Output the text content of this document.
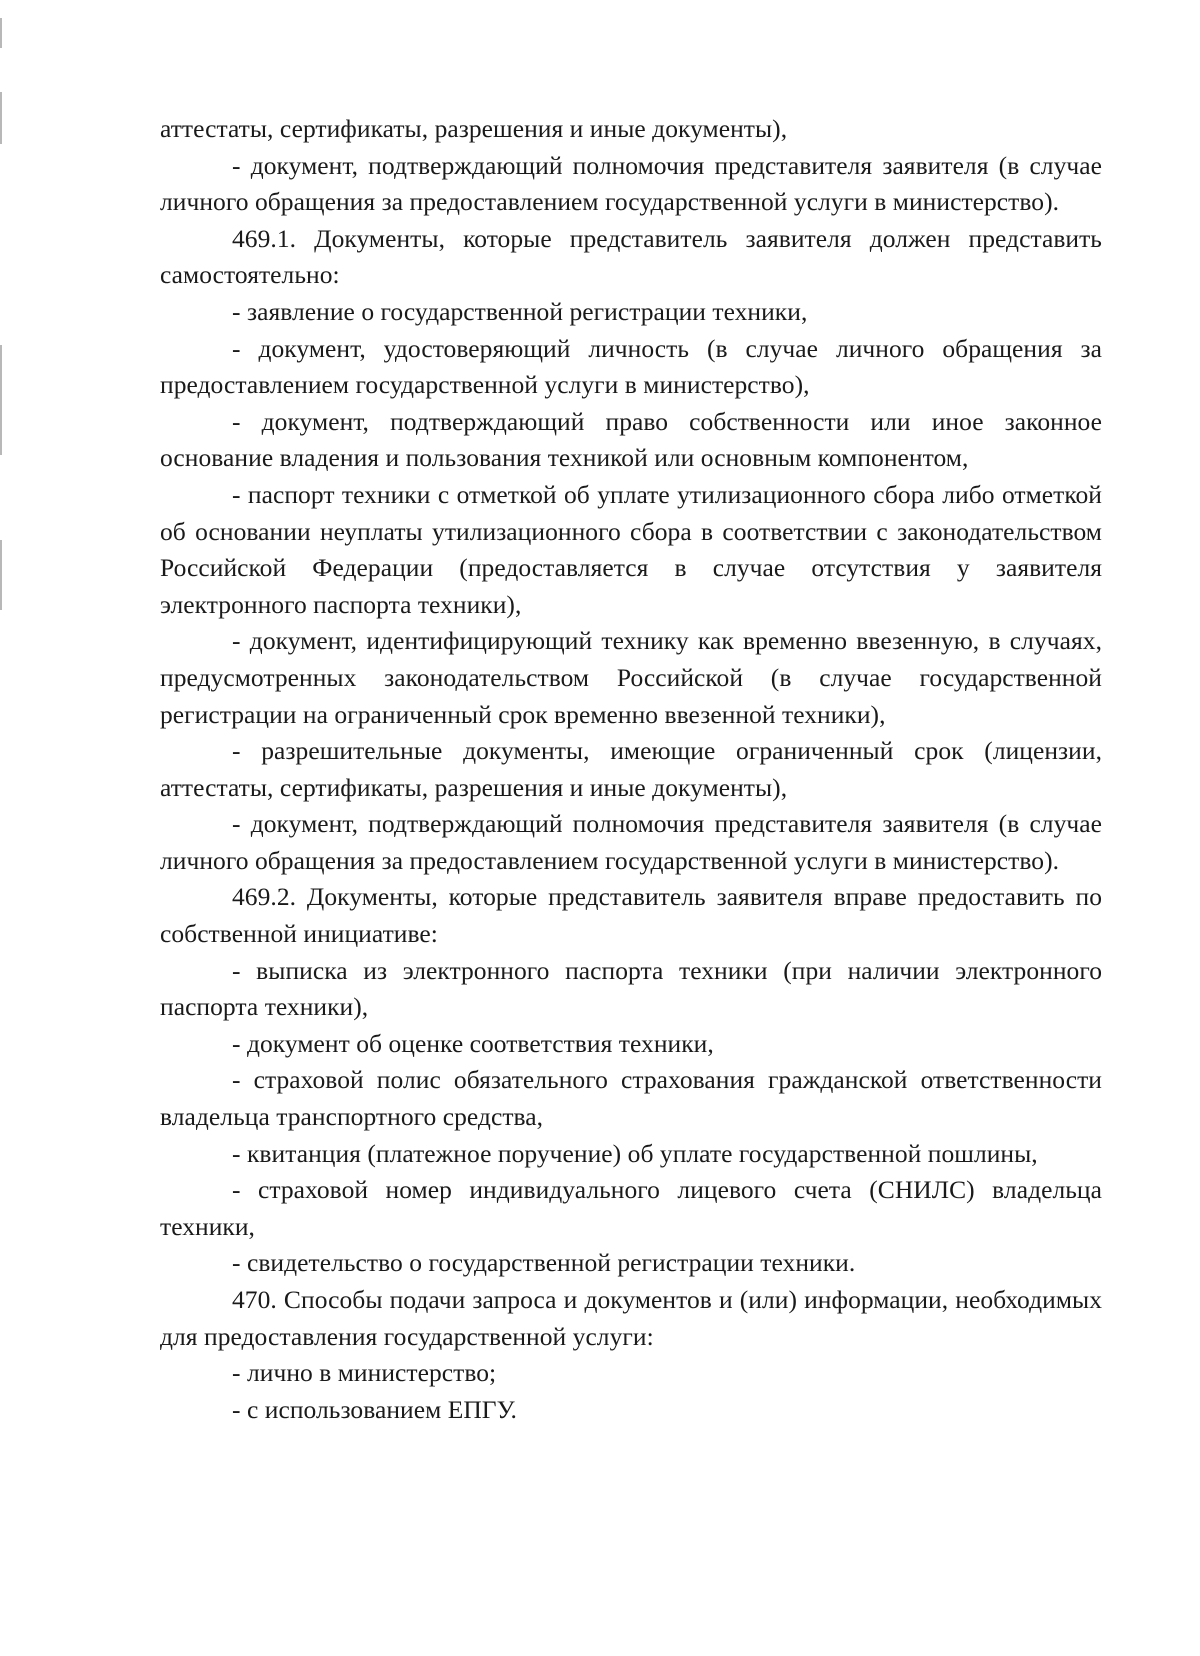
аттестаты, сертификаты, разрешения и иные документы),

- документ, подтверждающий полномочия представителя заявителя (в случае личного обращения за предоставлением государственной услуги в министерство).

469.1. Документы, которые представитель заявителя должен представить самостоятельно:

- заявление о государственной регистрации техники,

- документ, удостоверяющий личность (в случае личного обращения за предоставлением государственной услуги в министерство),

- документ, подтверждающий право собственности или иное законное основание владения и пользования техникой или основным компонентом,

- паспорт техники с отметкой об уплате утилизационного сбора либо отметкой об основании неуплаты утилизационного сбора в соответствии с законодательством Российской Федерации (предоставляется в случае отсутствия у заявителя электронного паспорта техники),

- документ, идентифицирующий технику как временно ввезенную, в случаях, предусмотренных законодательством Российской (в случае государственной регистрации на ограниченный срок временно ввезенной техники),

- разрешительные документы, имеющие ограниченный срок (лицензии, аттестаты, сертификаты, разрешения и иные документы),

- документ, подтверждающий полномочия представителя заявителя (в случае личного обращения за предоставлением государственной услуги в министерство).

469.2. Документы, которые представитель заявителя вправе предоставить по собственной инициативе:

- выписка из электронного паспорта техники (при наличии электронного паспорта техники),

- документ об оценке соответствия техники,

- страховой полис обязательного страхования гражданской ответственности владельца транспортного средства,

- квитанция (платежное поручение) об уплате государственной пошлины,

- страховой номер индивидуального лицевого счета (СНИЛС) владельца техники,

- свидетельство о государственной регистрации техники.

470. Способы подачи запроса и документов и (или) информации, необходимых для предоставления государственной услуги:

- лично в министерство;

- с использованием ЕПГУ.
